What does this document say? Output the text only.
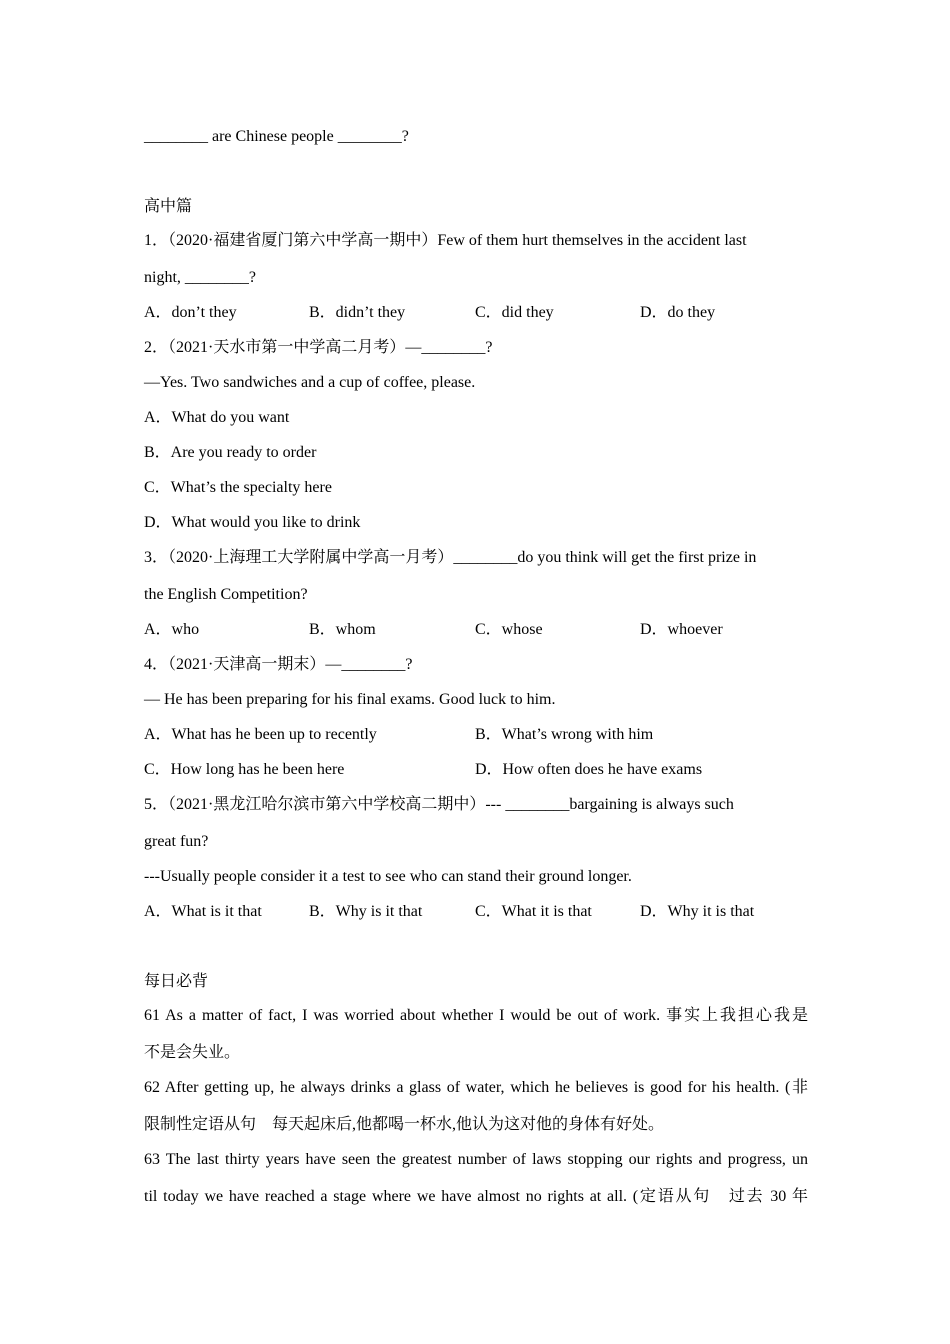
________ are Chinese people ________?
高中篇
1．（2020·福建省厦门第六中学高一期中）Few of them hurt themselves in the accident last
night, ________?
A．don’t they	B．didn’t they	C．did they	D．do they
2．（2021·天水市第一中学高二月考）—________?
—Yes. Two sandwiches and a cup of coffee, please.
A．What do you want
B．Are you ready to order
C．What’s the specialty here
D．What would you like to drink
3．（2020·上海理工大学附属中学高一月考）________do you think will get the first prize in
the English Competition?
A．who	B．whom	C．whose	D．whoever
4．（2021·天津高一期末）—________?
— He has been preparing for his final exams. Good luck to him.
A．What has he been up to recently	B．What’s wrong with him
C．How long has he been here	D．How often does he have exams
5．（2021·黑龙江哈尔滨市第六中学校高二期中）--- ________bargaining is always such
great fun?
---Usually people consider it a test to see who can stand their ground longer.
A．What is it that	B．Why is it that	C．What it is that	D．Why it is that
每日必背
61 As a matter of fact, I was worried about whether I would be out of work. 事实上我担心我是
不是会失业。
62 After getting up, he always drinks a glass of water, which he believes is good for his health. (非
限制性定语从句　每天起床后,他都喝一杯水,他认为这对他的身体有好处。
63 The last thirty years have seen the greatest number of laws stopping our rights and progress, un
til today we have reached a stage where we have almost no rights at all. (定语从句　过去 30 年
